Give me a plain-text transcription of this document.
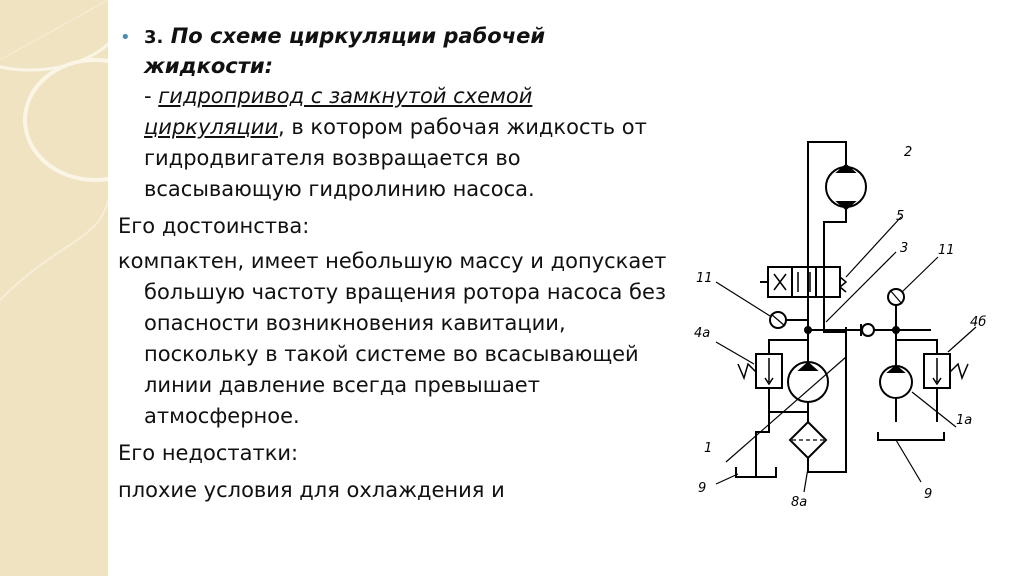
• 3. По схеме циркуляции рабочей
жидкости:
- гидропривод с замкнутой схемой
циркуляции, в котором рабочая жидкость от гидродвигателя возвращается во всасывающую гидролинию насоса.
Его достоинства:
компактен, имеет небольшую массу и допускает большую частоту вращения ротора насоса без опасности возникновения кавитации, поскольку в такой системе во всасывающей линии давление всегда превышает атмосферное.
Его недостатки:
плохие условия для охлаждения и
2
5
3
11
11
4а
4б
1
1а
9	9
8а
